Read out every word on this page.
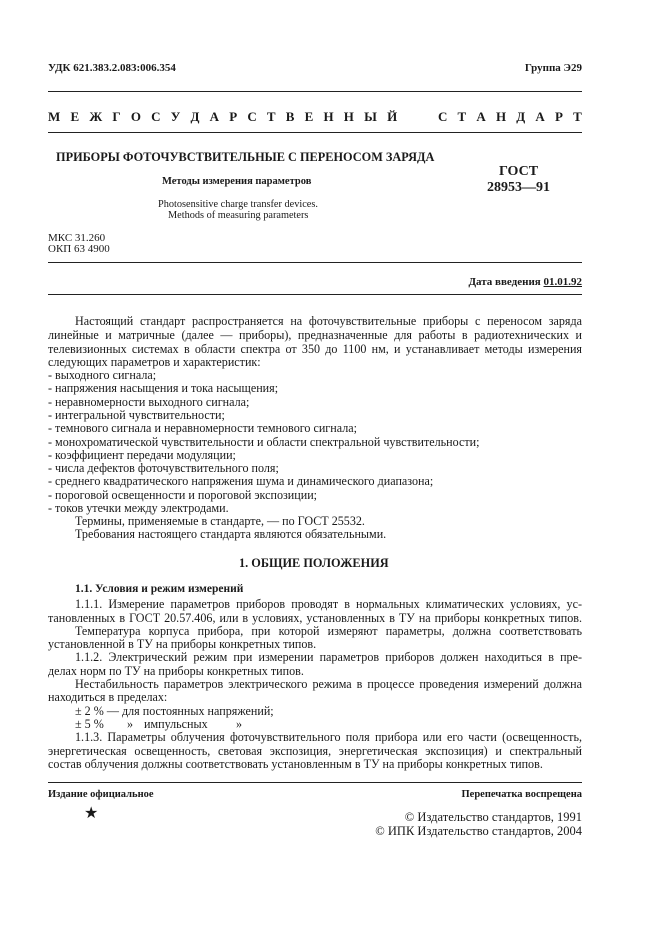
УДК 621.383.2.083:006.354	Группа Э29
М Е Ж Г О С У Д А Р С Т В Е Н Н Ы Й	С Т А Н Д А Р Т
ПРИБОРЫ ФОТОЧУВСТВИТЕЛЬНЫЕ С ПЕРЕНОСОМ ЗАРЯДА
Методы измерения параметров
Photosensitive charge transfer devices.
Methods of measuring parameters
ГОСТ
28953—91
МКС 31.260
ОКП 63 4900
Дата введения 01.01.92
Настоящий стандарт распространяется на фоточувствительные приборы с переносом заряда
линейные и матричные (далее — приборы), предназначенные для работы в радиотехнических и
телевизионных системах в области спектра от 350 до 1100 нм, и устанавливает методы измерения
следующих параметров и характеристик:
- выходного сигнала;
- напряжения насыщения и тока насыщения;
- неравномерности выходного сигнала;
- интегральной чувствительности;
- темнового сигнала и неравномерности темнового сигнала;
- монохроматической чувствительности и области спектральной чувствительности;
- коэффициент передачи модуляции;
- числа дефектов фоточувствительного поля;
- среднего квадратического напряжения шума и динамического диапазона;
- пороговой освещенности и пороговой экспозиции;
- токов утечки между электродами.
Термины, применяемые в стандарте, — по ГОСТ 25532.
Требования настоящего стандарта являются обязательными.
1. ОБЩИЕ ПОЛОЖЕНИЯ
1.1. Условия и режим измерений
1.1.1. Измерение параметров приборов проводят в нормальных климатических условиях, ус-
тановленных в ГОСТ 20.57.406, или в условиях, установленных в ТУ на приборы конкретных типов.
Температура корпуса прибора, при которой измеряют параметры, должна соответствовать
установленной в ТУ на приборы конкретных типов.
1.1.2. Электрический режим при измерении параметров приборов должен находиться в пре-
делах норм по ТУ на приборы конкретных типов.
Нестабильность параметров электрического режима в процессе проведения измерений должна
находиться в пределах:
± 2 % — для постоянных напряжений;
± 5 % » импульсных »
1.1.3. Параметры облучения фоточувствительного поля прибора или его части (освещенность,
энергетическая освещенность, световая экспозиция, энергетическая экспозиция) и спектральный
состав облучения должны соответствовать установленным в ТУ на приборы конкретных типов.
Издание официальное	Перепечатка воспрещена
★	© Издательство стандартов, 1991
© ИПК Издательство стандартов, 2004
